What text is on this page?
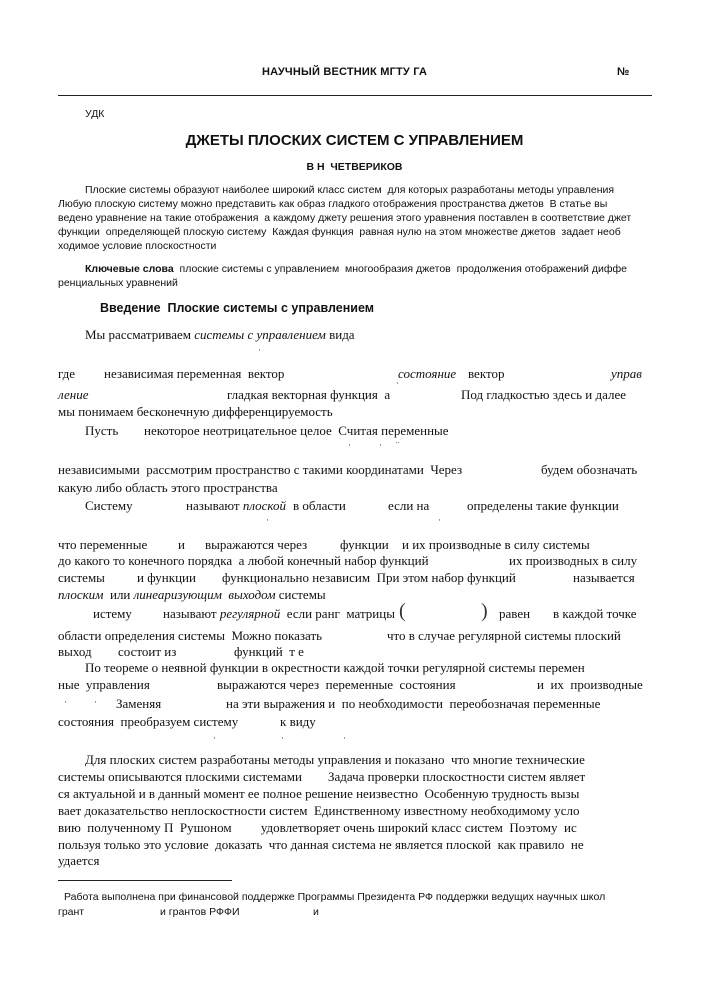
НАУЧНЫЙ ВЕСТНИК МГТУ ГА	№
УДК
ДЖЕТЫ ПЛОСКИХ СИСТЕМ С УПРАВЛЕНИЕМ
В Н  ЧЕТВЕРИКОВ
Плоские системы образуют наиболее широкий класс систем  для которых разработаны методы управления
Любую плоскую систему можно представить как образ гладкого отображения пространства джетов  В статье вы
ведено уравнение на такие отображения  а каждому джету решения этого уравнения поставлен в соответствие джет
функции  определяющей плоскую систему  Каждая функция  равная нулю на этом множестве джетов  задает необ
ходимое условие плоскостности
Ключевые слова  плоские системы с управлением  многообразия джетов  продолжения отображений диффе
ренциальных уравнений
Введение  Плоские системы с управлением
Мы рассматриваем системы с управлением вида
·
где независимая переменная  вектор	состояние вектор	управ
ление	гладкая векторная функция  а
`
Под гладкостью здесь и далее
мы понимаем бесконечную дифференцируемость
Пусть некоторое неотрицательное целое  Считая переменные
·	· ¨
независимыми  рассмотрим пространство с такими координатами  Через	будем обозначать
какую либо область этого пространства
Систему	называют плоской в области	если на	определены такие функции
·	·
что переменные и выражаются через	функции и их производные в силу системы
до какого то конечного порядка  а любой конечный набор функций	их производных в силу
системы и функции функционально независим  При этом набор функций	называется
плоским  или линеаризующим  выходом системы
истему называют регулярной  если ранг  матрицы (	) равен в каждой точке
области определения системы  Можно показать	что в случае регулярной системы плоский
выход состоит из	функций  т е
По теореме о неявной функции в окрестности каждой точки регулярной системы перемен
ные  управления	выражаются через  переменные  состояния	и  их  производные
·	· Заменяя	на эти выражения и  по необходимости  переобозначая переменные
состояния  преобразуем систему	к виду
·	·	·
Для плоских систем разработаны методы управления и показано  что многие технические
системы описываются плоскими системами        Задача проверки плоскостности систем являет
ся актуальной и в данный момент ее полное решение неизвестно  Особенную трудность вызы
вает доказательство неплоскостности систем  Единственному известному необходимому усло
вию  полученному П  Рушоном         удовлетворяет очень широкий класс систем  Поэтому  ис
пользуя только это условие  доказать  что данная система не является плоской  как правило  не
удается
Работа выполнена при финансовой поддержке Программы Президента РФ поддержки ведущих научных школ
грант	и грантов РФФИ	и
